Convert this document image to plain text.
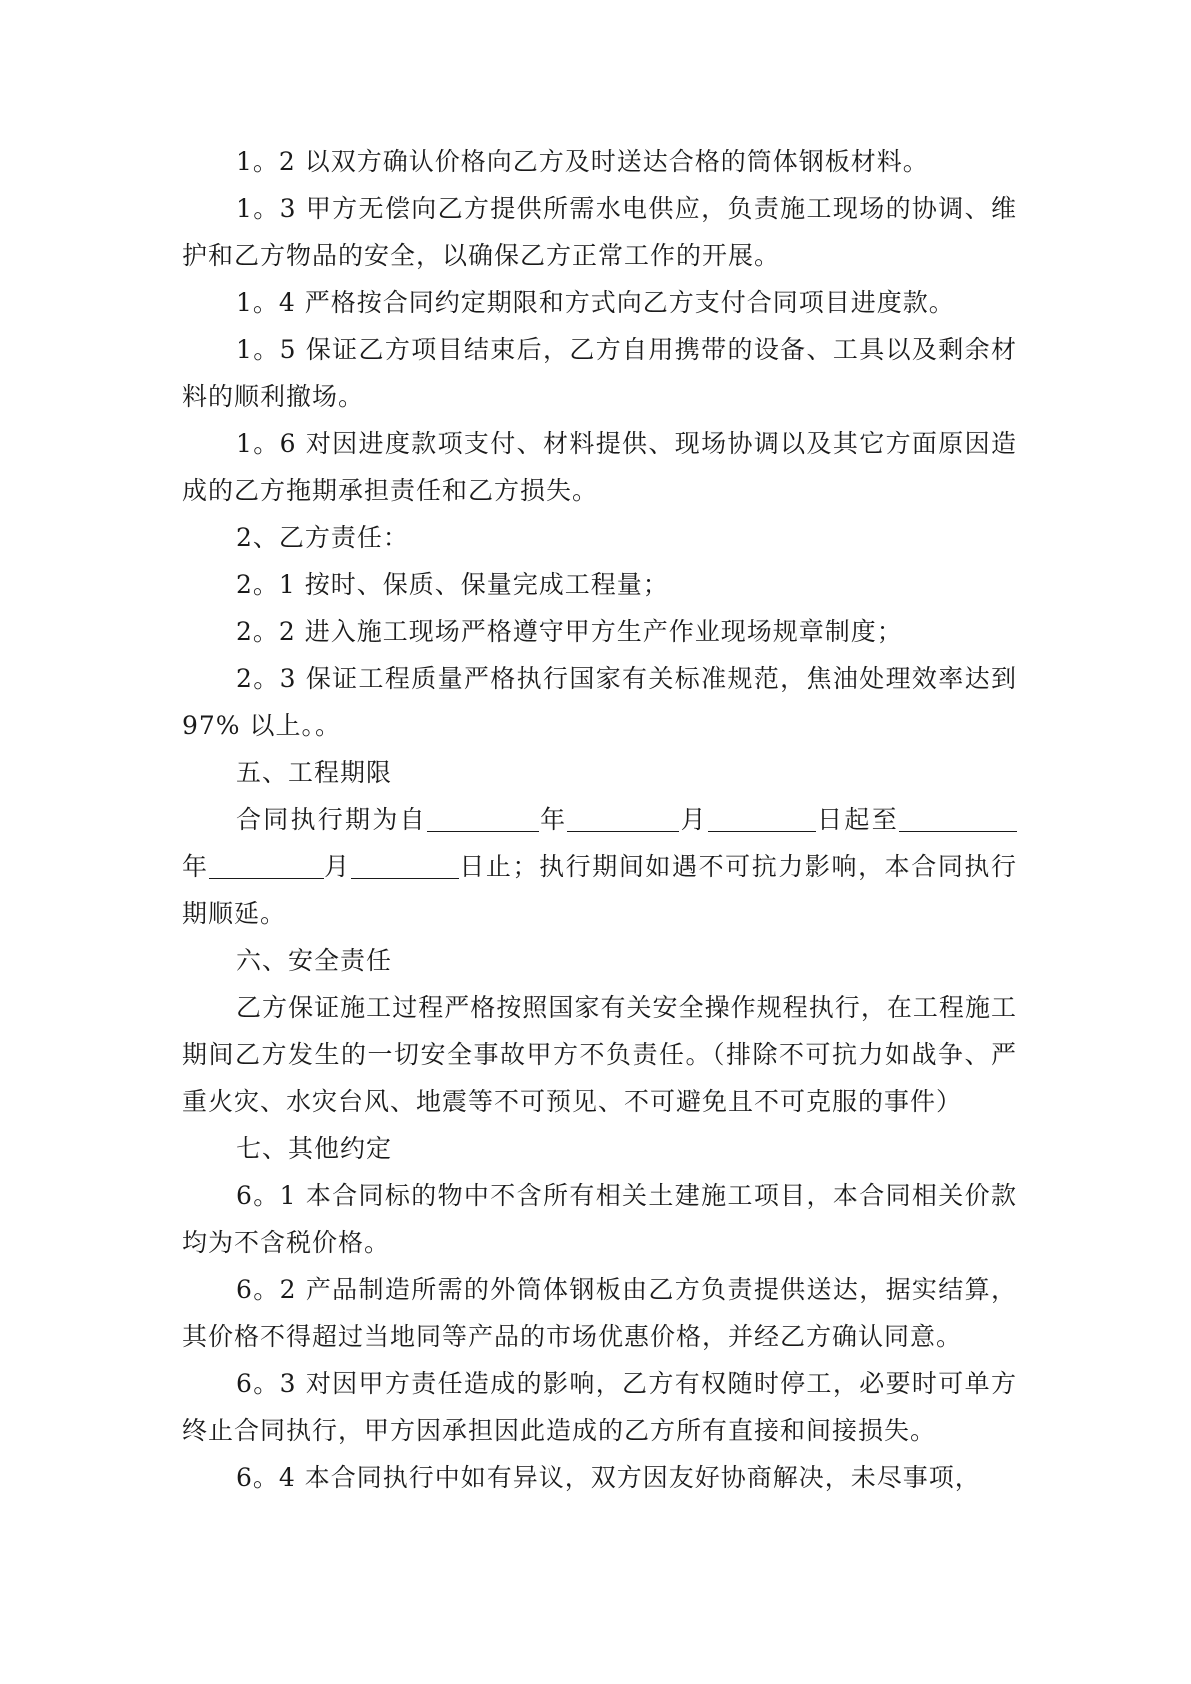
1。2 以双方确认价格向乙方及时送达合格的筒体钢板材料。

1。3 甲方无偿向乙方提供所需水电供应，负责施工现场的协调、维护和乙方物品的安全，以确保乙方正常工作的开展。

1。4 严格按合同约定期限和方式向乙方支付合同项目进度款。

1。5 保证乙方项目结束后，乙方自用携带的设备、工具以及剩余材料的顺利撤场。

1。6 对因进度款项支付、材料提供、现场协调以及其它方面原因造成的乙方拖期承担责任和乙方损失。

2、乙方责任：

2。1 按时、保质、保量完成工程量；

2。2 进入施工现场严格遵守甲方生产作业现场规章制度；

2。3 保证工程质量严格执行国家有关标准规范，焦油处理效率达到 97% 以上。。

五、工程期限

合同执行期为自	年	月	日起至年	月	日止；执行期间如遇不可抗力影响，本合同执行期顺延。

六、安全责任

乙方保证施工过程严格按照国家有关安全操作规程执行，在工程施工期间乙方发生的一切安全事故甲方不负责任。（排除不可抗力如战争、严重火灾、水灾台风、地震等不可预见、不可避免且不可克服的事件）

七、其他约定

6。1 本合同标的物中不含所有相关土建施工项目，本合同相关价款均为不含税价格。

6。2 产品制造所需的外筒体钢板由乙方负责提供送达，据实结算，其价格不得超过当地同等产品的市场优惠价格，并经乙方确认同意。

6。3 对因甲方责任造成的影响，乙方有权随时停工，必要时可单方终止合同执行，甲方因承担因此造成的乙方所有直接和间接损失。

6。4 本合同执行中如有异议，双方因友好协商解决，未尽事项，
